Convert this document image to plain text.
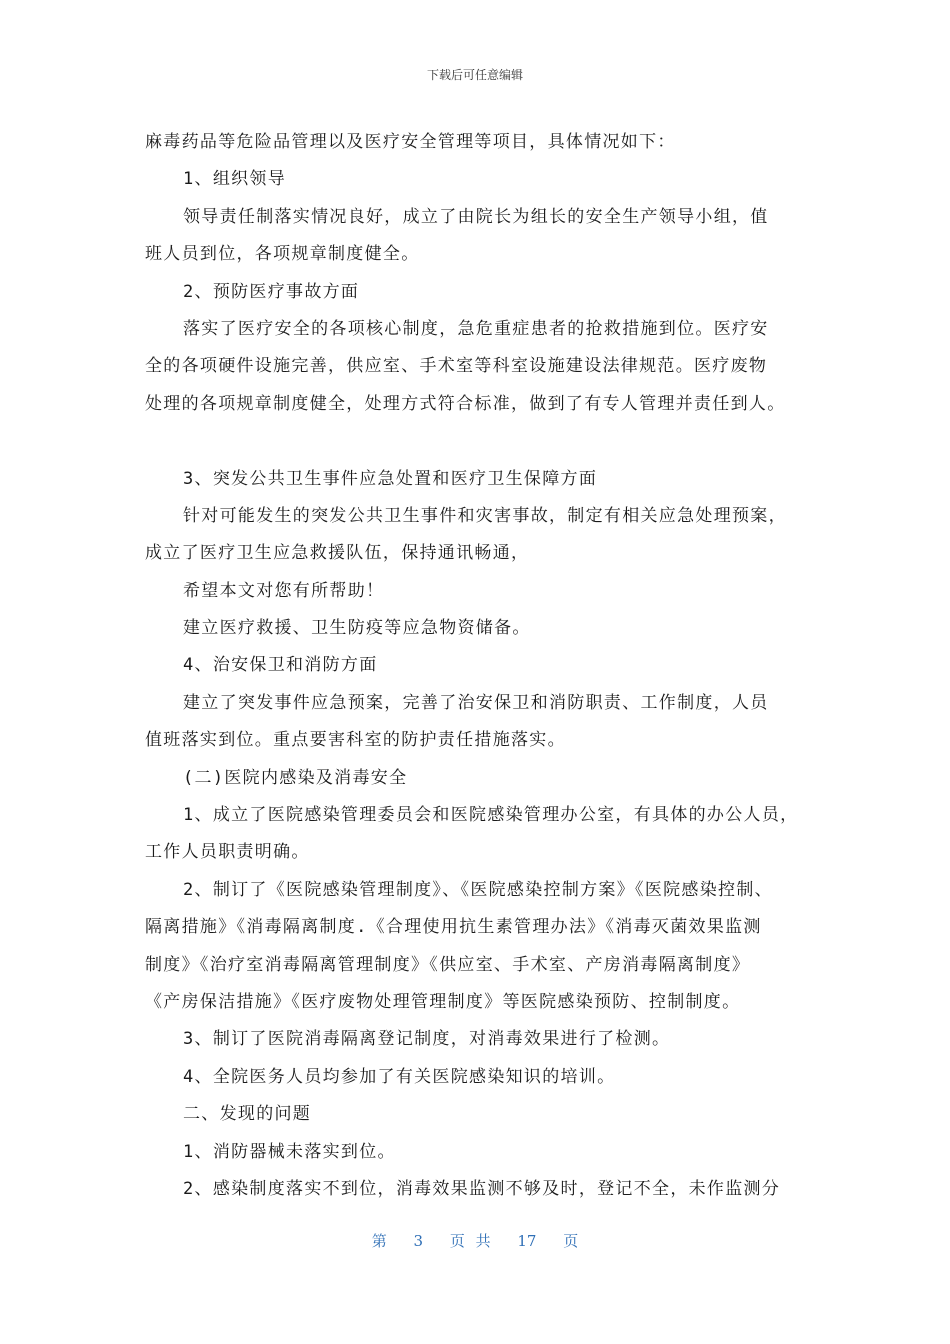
下载后可任意编辑
麻毒药品等危险品管理以及医疗安全管理等项目，具体情况如下：
1、组织领导
领导责任制落实情况良好，成立了由院长为组长的安全生产领导小组，值
班人员到位，各项规章制度健全。
2、预防医疗事故方面
落实了医疗安全的各项核心制度，急危重症患者的抢救措施到位。医疗安
全的各项硬件设施完善，供应室、手术室等科室设施建设法律规范。医疗废物
处理的各项规章制度健全，处理方式符合标准，做到了有专人管理并责任到人。
3、突发公共卫生事件应急处置和医疗卫生保障方面
针对可能发生的突发公共卫生事件和灾害事故，制定有相关应急处理预案，
成立了医疗卫生应急救援队伍，保持通讯畅通，
希望本文对您有所帮助！
建立医疗救援、卫生防疫等应急物资储备。
4、治安保卫和消防方面
建立了突发事件应急预案，完善了治安保卫和消防职责、工作制度，人员
值班落实到位。重点要害科室的防护责任措施落实。
(二)医院内感染及消毒安全
1、成立了医院感染管理委员会和医院感染管理办公室，有具体的办公人员，
工作人员职责明确。
2、制订了《医院感染管理制度》、《医院感染控制方案》《医院感染控制、
隔离措施》《消毒隔离制度.《合理使用抗生素管理办法》《消毒灭菌效果监测
制度》《治疗室消毒隔离管理制度》《供应室、手术室、产房消毒隔离制度》
《产房保洁措施》《医疗废物处理管理制度》等医院感染预防、控制制度。
3、制订了医院消毒隔离登记制度，对消毒效果进行了检测。
4、全院医务人员均参加了有关医院感染知识的培训。
二、发现的问题
1、消防器械未落实到位。
2、感染制度落实不到位，消毒效果监测不够及时，登记不全，未作监测分
第 3 页 共 17 页
